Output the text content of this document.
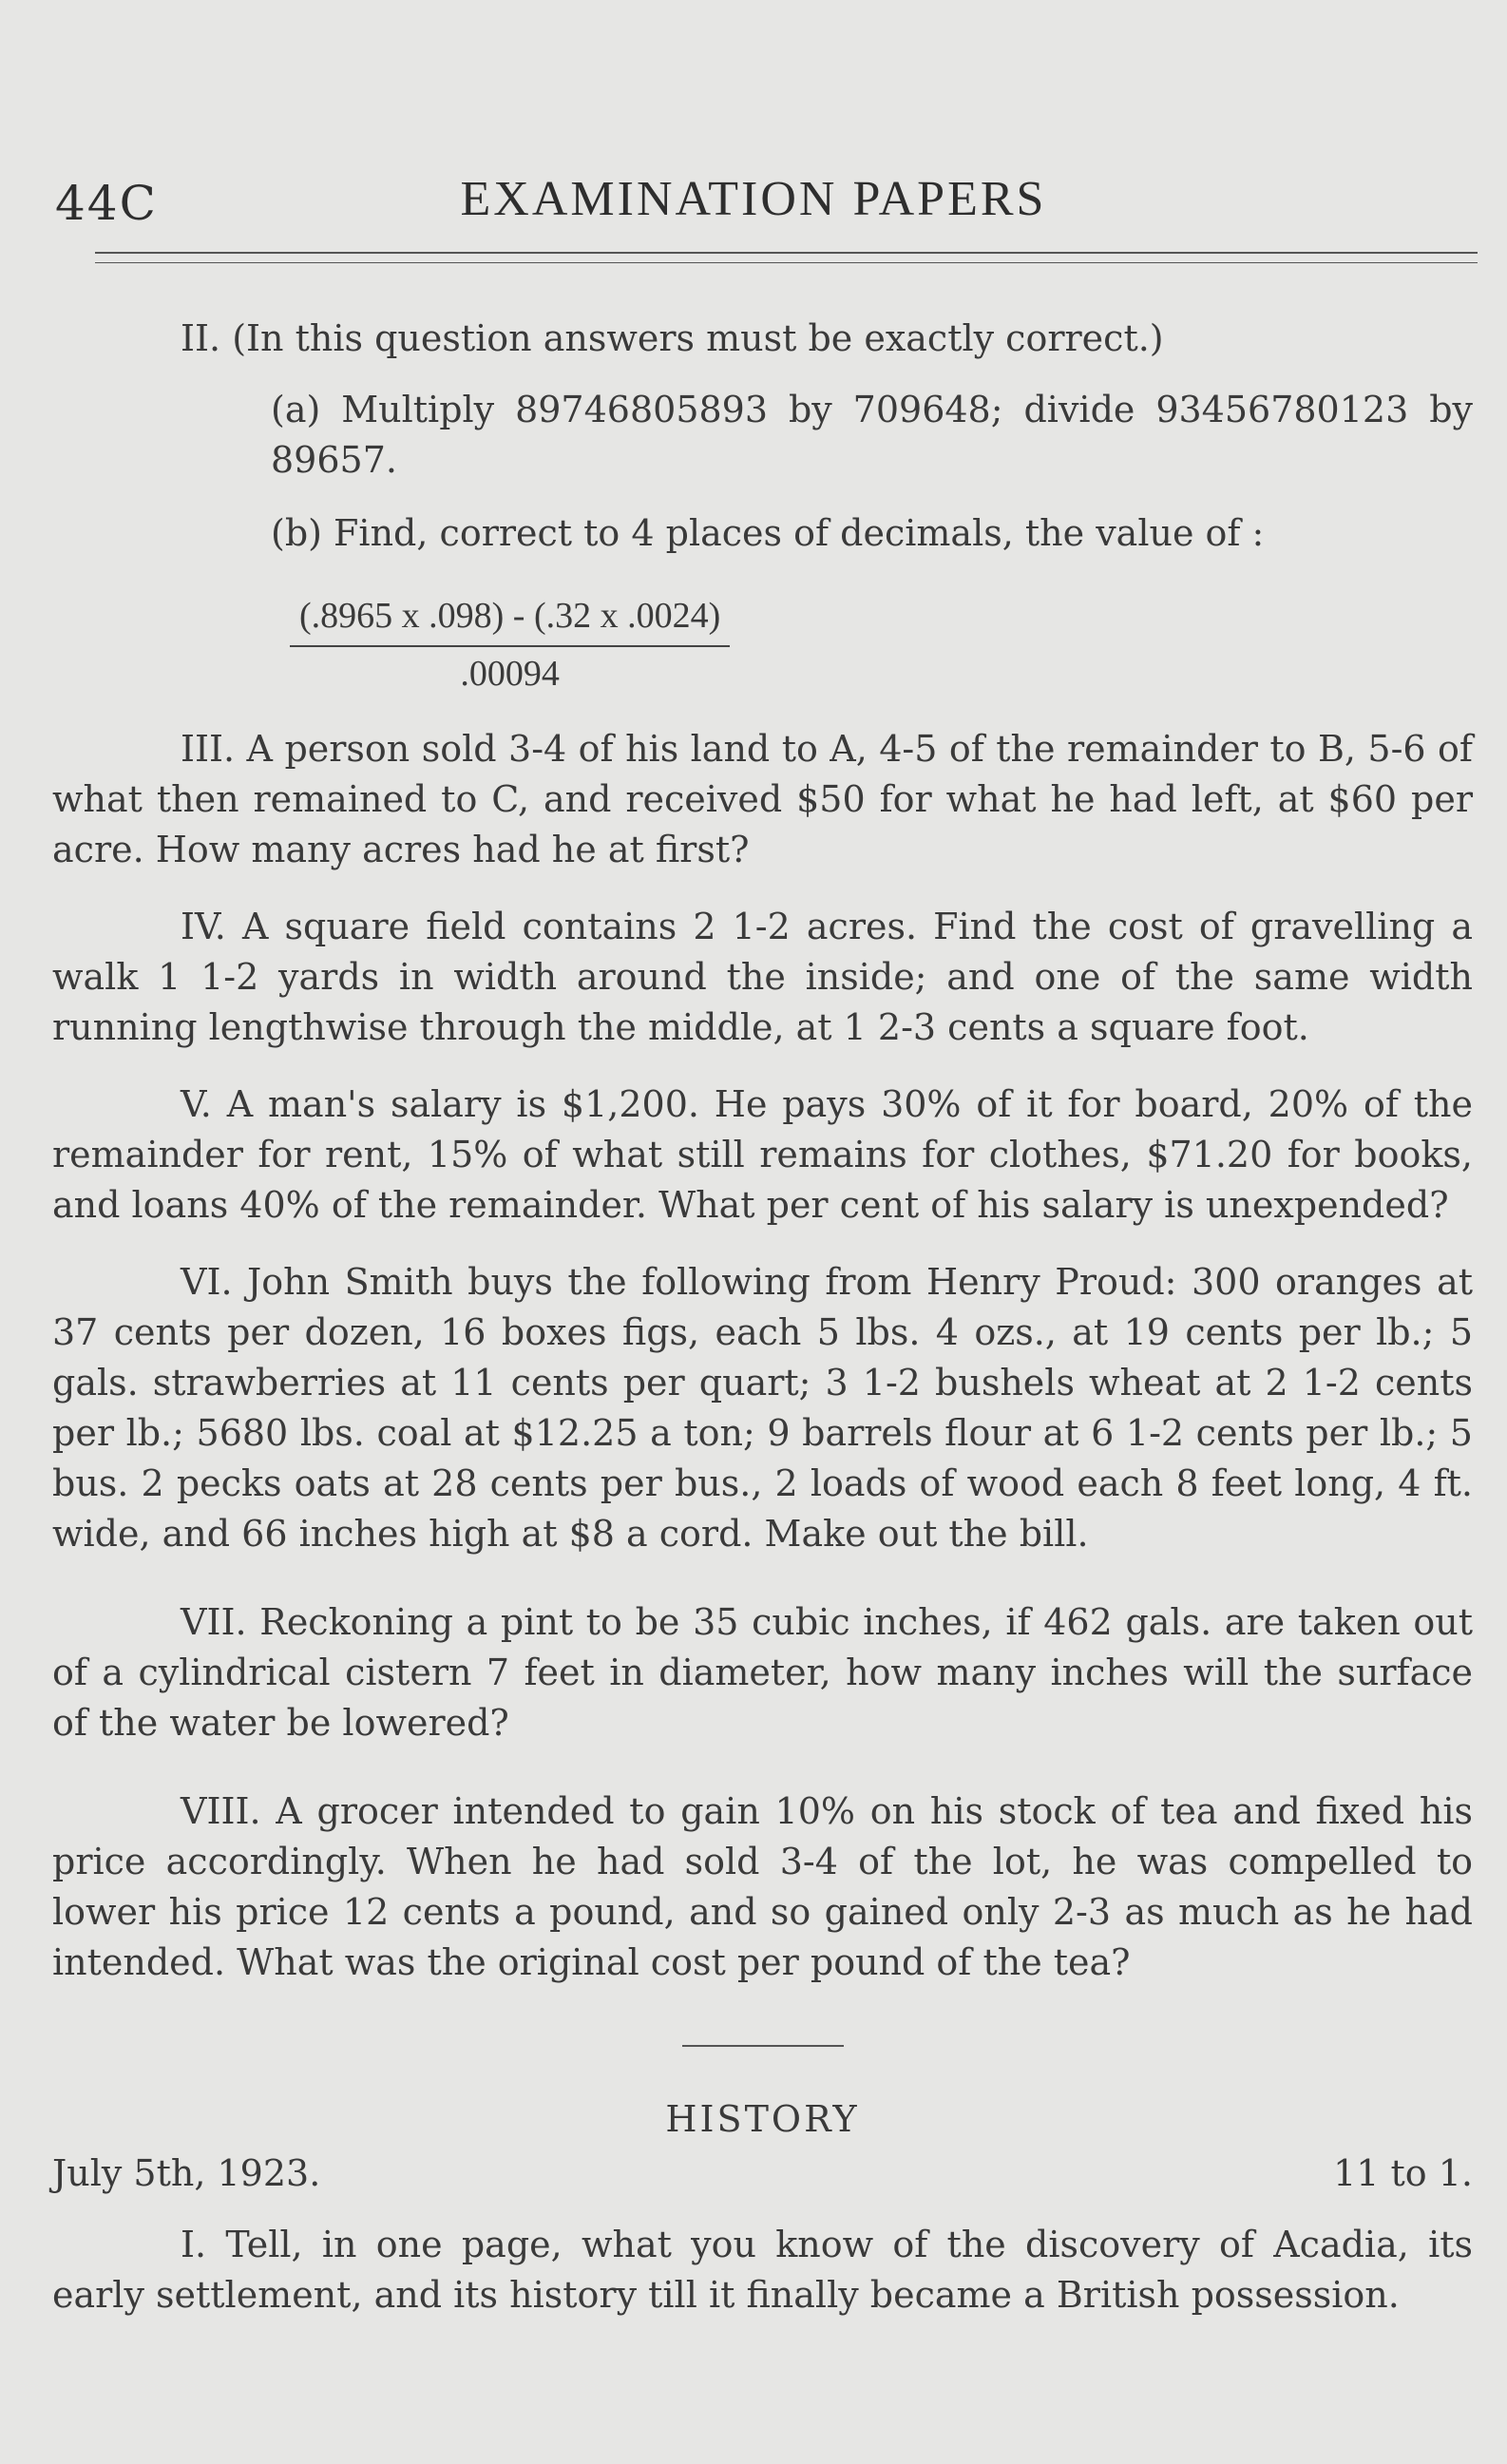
44C	EXAMINATION PAPERS

II. (In this question answers must be exactly correct.)

(a) Multiply 89746805893 by 709648; divide 93456780123 by 89657.

(b) Find, correct to 4 places of decimals, the value of :

$\frac{(.8965 x .098) - (.32 x .0024)}{.00094}$

III. A person sold 3-4 of his land to A, 4-5 of the remainder to B, 5-6 of what then remained to C, and received $50 for what he had left, at $60 per acre. How many acres had he at first?

IV. A square field contains 2 1-2 acres. Find the cost of gravelling a walk 1 1-2 yards in width around the inside; and one of the same width running lengthwise through the middle, at 1 2-3 cents a square foot.

V. A man's salary is $1,200. He pays 30% of it for board, 20% of the remainder for rent, 15% of what still remains for clothes, $71.20 for books, and loans 40% of the remainder. What per cent of his salary is unexpended?

VI. John Smith buys the following from Henry Proud: 300 oranges at 37 cents per dozen, 16 boxes figs, each 5 lbs. 4 ozs., at 19 cents per lb.; 5 gals. strawberries at 11 cents per quart; 3 1-2 bushels wheat at 2 1-2 cents per lb.; 5680 lbs. coal at $12.25 a ton; 9 barrels flour at 6 1-2 cents per lb.; 5 bus. 2 pecks oats at 28 cents per bus., 2 loads of wood each 8 feet long, 4 ft. wide, and 66 inches high at $8 a cord. Make out the bill.

VII. Reckoning a pint to be 35 cubic inches, if 462 gals. are taken out of a cylindrical cistern 7 feet in diameter, how many inches will the surface of the water be lowered?

VIII. A grocer intended to gain 10% on his stock of tea and fixed his price accordingly. When he had sold 3-4 of the lot, he was compelled to lower his price 12 cents a pound, and so gained only 2-3 as much as he had intended. What was the original cost per pound of the tea?

HISTORY
July 5th, 1923.	11 to 1.

I. Tell, in one page, what you know of the discovery of Acadia, its early settlement, and its history till it finally became a British possession.
